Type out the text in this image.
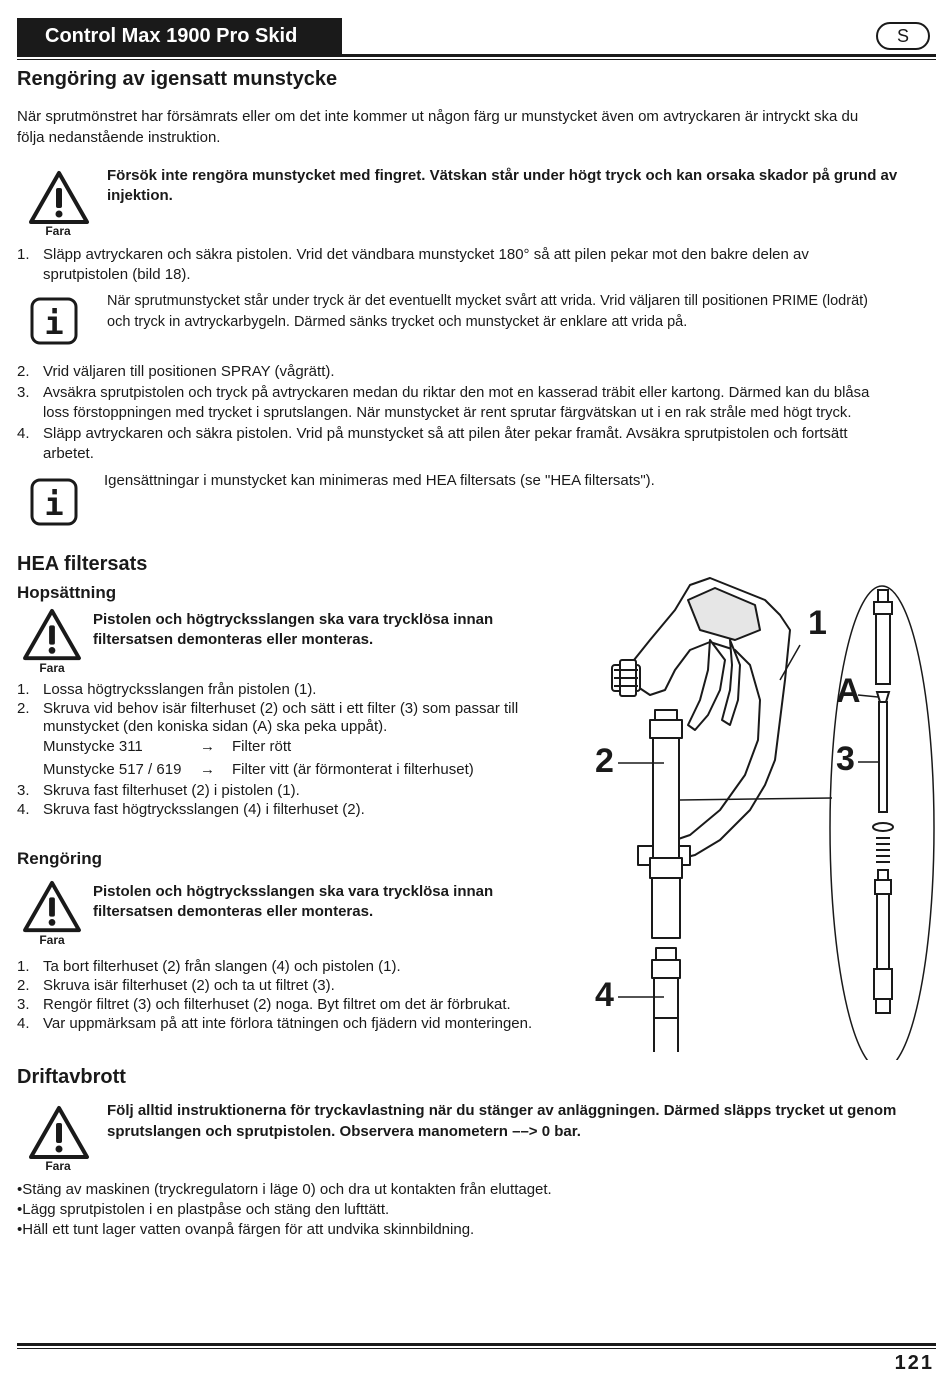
Control Max 1900 Pro Skid	S
Rengöring av igensatt munstycke
När sprutmönstret har försämrats eller om det inte kommer ut någon färg ur munstycket även om avtryckaren är intryckt ska du
följa nedanstående instruktion.
Fara
Försök inte rengöra munstycket med fingret. Vätskan står under högt tryck och kan orsaka skador på grund av
injektion.
1. Släpp avtryckaren och säkra pistolen. Vrid det vändbara munstycket 180° så att pilen pekar mot den bakre delen av
sprutpistolen (bild 18).
i
När sprutmunstycket står under tryck är det eventuellt mycket svårt att vrida. Vrid väljaren till positionen PRIME (lodrät)
och tryck in avtryckarbygeln. Därmed sänks trycket och munstycket är enklare att vrida på.
2. Vrid väljaren till positionen SPRAY (vågrätt).
3. Avsäkra sprutpistolen och tryck på avtryckaren medan du riktar den mot en kasserad träbit eller kartong. Därmed kan du blåsa
loss förstoppningen med trycket i sprutslangen. När munstycket är rent sprutar färgvätskan ut i en rak stråle med högt tryck.
4. Släpp avtryckaren och säkra pistolen. Vrid på munstycket så att pilen åter pekar framåt. Avsäkra sprutpistolen och fortsätt
arbetet.
i
Igensättningar i munstycket kan minimeras med HEA filtersats (se "HEA filtersats").
HEA filtersats
Hopsättning
Fara
Pistolen och högtrycksslangen ska vara trycklösa innan
filtersatsen demonteras eller monteras.
1. Lossa högtrycksslangen från pistolen (1).
2. Skruva vid behov isär filterhuset (2) och sätt i ett filter (3) som passar till
munstycket (den koniska sidan (A) ska peka uppåt).
Munstycke 311	→ Filter rött
Munstycke 517 / 619 → Filter vitt (är förmonterat i filterhuset)
3. Skruva fast filterhuset (2) i pistolen (1).
4. Skruva fast högtrycksslangen (4) i filterhuset (2).
Rengöring
Fara
Pistolen och högtrycksslangen ska vara trycklösa innan
filtersatsen demonteras eller monteras.
1. Ta bort filterhuset (2) från slangen (4) och pistolen (1).
2. Skruva isär filterhuset (2) och ta ut filtret (3).
3. Rengör filtret (3) och filterhuset (2) noga. Byt filtret om det är förbrukat.
4. Var uppmärksam på att inte förlora tätningen och fjädern vid monteringen.
1
A
2	3
4
Driftavbrott
Fara
Följ alltid instruktionerna för tryckavlastning när du stänger av anläggningen. Därmed släpps trycket ut genom
sprutslangen och sprutpistolen. Observera manometern ––> 0 bar.
•Stäng av maskinen (tryckregulatorn i läge 0) och dra ut kontakten från eluttaget.
•Lägg sprutpistolen i en plastpåse och stäng den lufttätt.
•Häll ett tunt lager vatten ovanpå färgen för att undvika skinnbildning.
121
